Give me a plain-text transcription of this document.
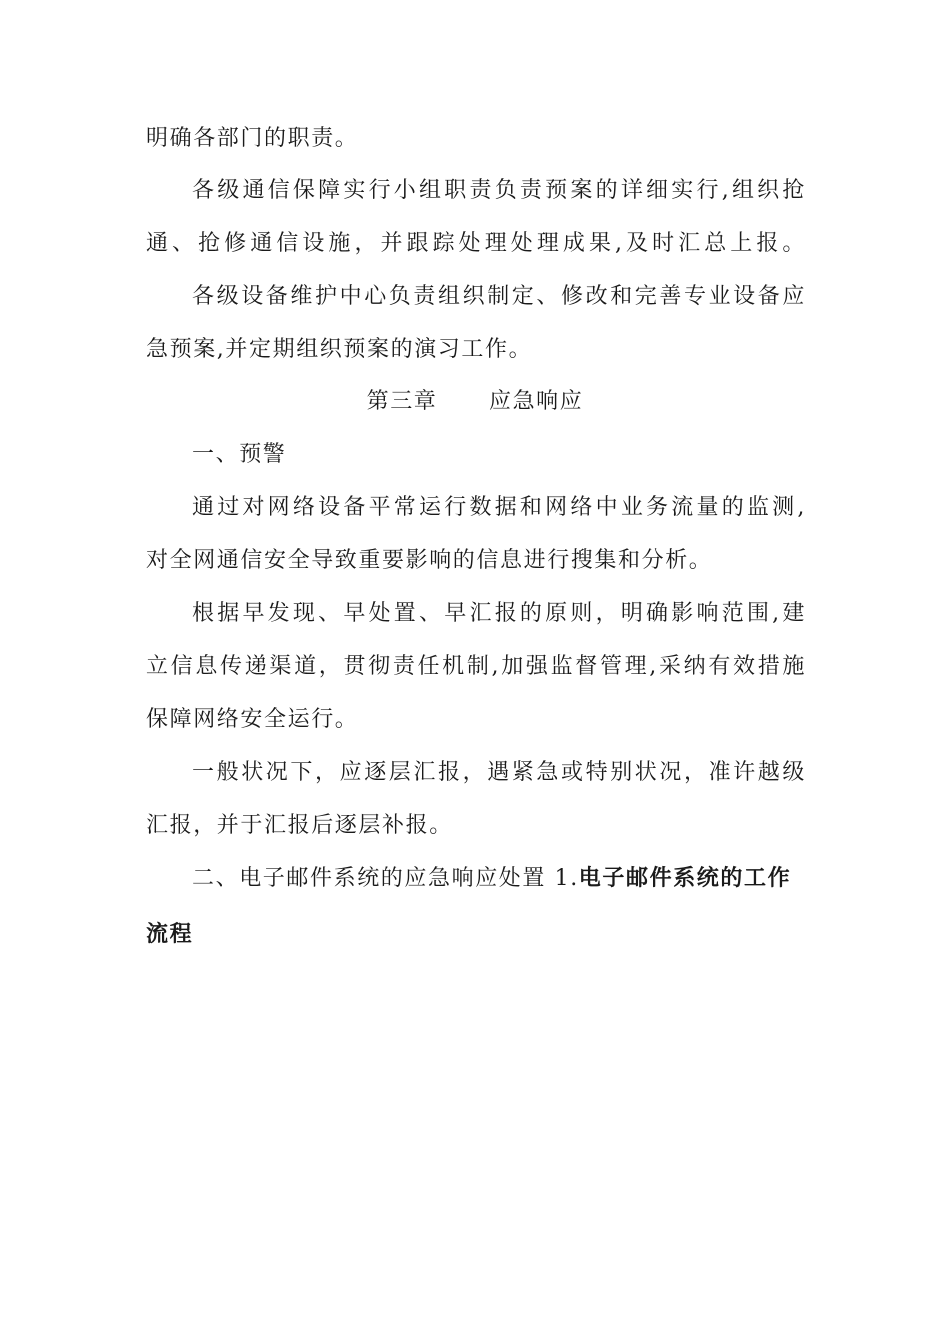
明确各部门的职责。
各级通信保障实行小组职责负责预案的详细实行,组织抢
通、抢修通信设施，并跟踪处理处理成果,及时汇总上报。
各级设备维护中心负责组织制定、修改和完善专业设备应
急预案,并定期组织预案的演习工作。
第三章      应急响应
一、预警
通过对网络设备平常运行数据和网络中业务流量的监测,
对全网通信安全导致重要影响的信息进行搜集和分析。
根据早发现、早处置、早汇报的原则，明确影响范围,建
立信息传递渠道，贯彻责任机制,加强监督管理,采纳有效措施
保障网络安全运行。
一般状况下，应逐层汇报，遇紧急或特别状况，准许越级
汇报，并于汇报后逐层补报。
二、电子邮件系统的应急响应处置 1.电子邮件系统的工作
流程
